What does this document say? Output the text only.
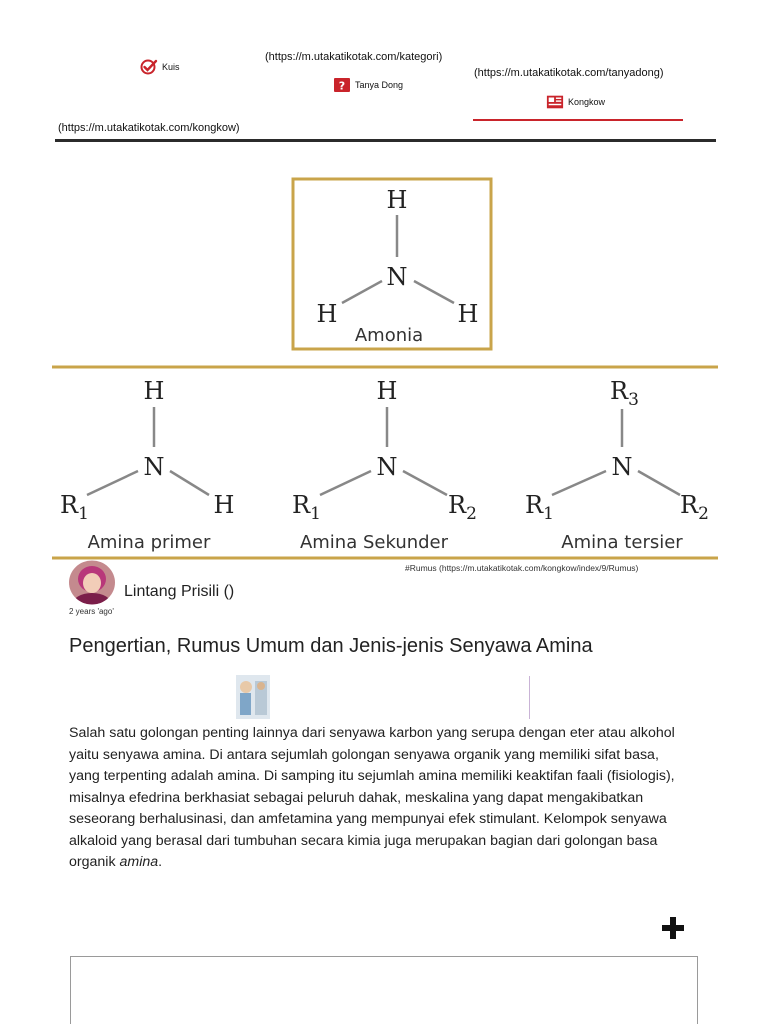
(https://m.utakatikotak.com/kategori)
Kuis	(https://m.utakatikotak.com/tanyadong)
? Tanya Dong
Kongkow
(https://m.utakatikotak.com/kongkow)
H
N
H	H
Amonia
H
N
$R_1$	H
Amina primer
H
N
$R_1$	$R_2$
Amina Sekunder
$R_3$
N
$R_1$	$R_2$
Amina tersier
#Rumus (https://m.utakatikotak.com/kongkow/index/9/Rumus)
Lintang Prisili ()
2 years 'ago'
Pengertian, Rumus Umum dan Jenis-jenis Senyawa Amina

Salah satu golongan penting lainnya dari senyawa karbon yang serupa dengan eter atau alkohol yaitu senyawa amina. Di antara sejumlah golongan senyawa organik yang memiliki sifat basa, yang terpenting adalah amina. Di samping itu sejumlah amina memiliki keaktifan faali (fisiologis), misalnya efedrina berkhasiat sebagai peluruh dahak, meskalina yang dapat mengakibatkan seseorang berhalusinasi, dan amfetamina yang mempunyai efek stimulant. Kelompok senyawa alkaloid yang berasal dari tumbuhan secara kimia juga merupakan bagian dari golongan basa organik amina.
